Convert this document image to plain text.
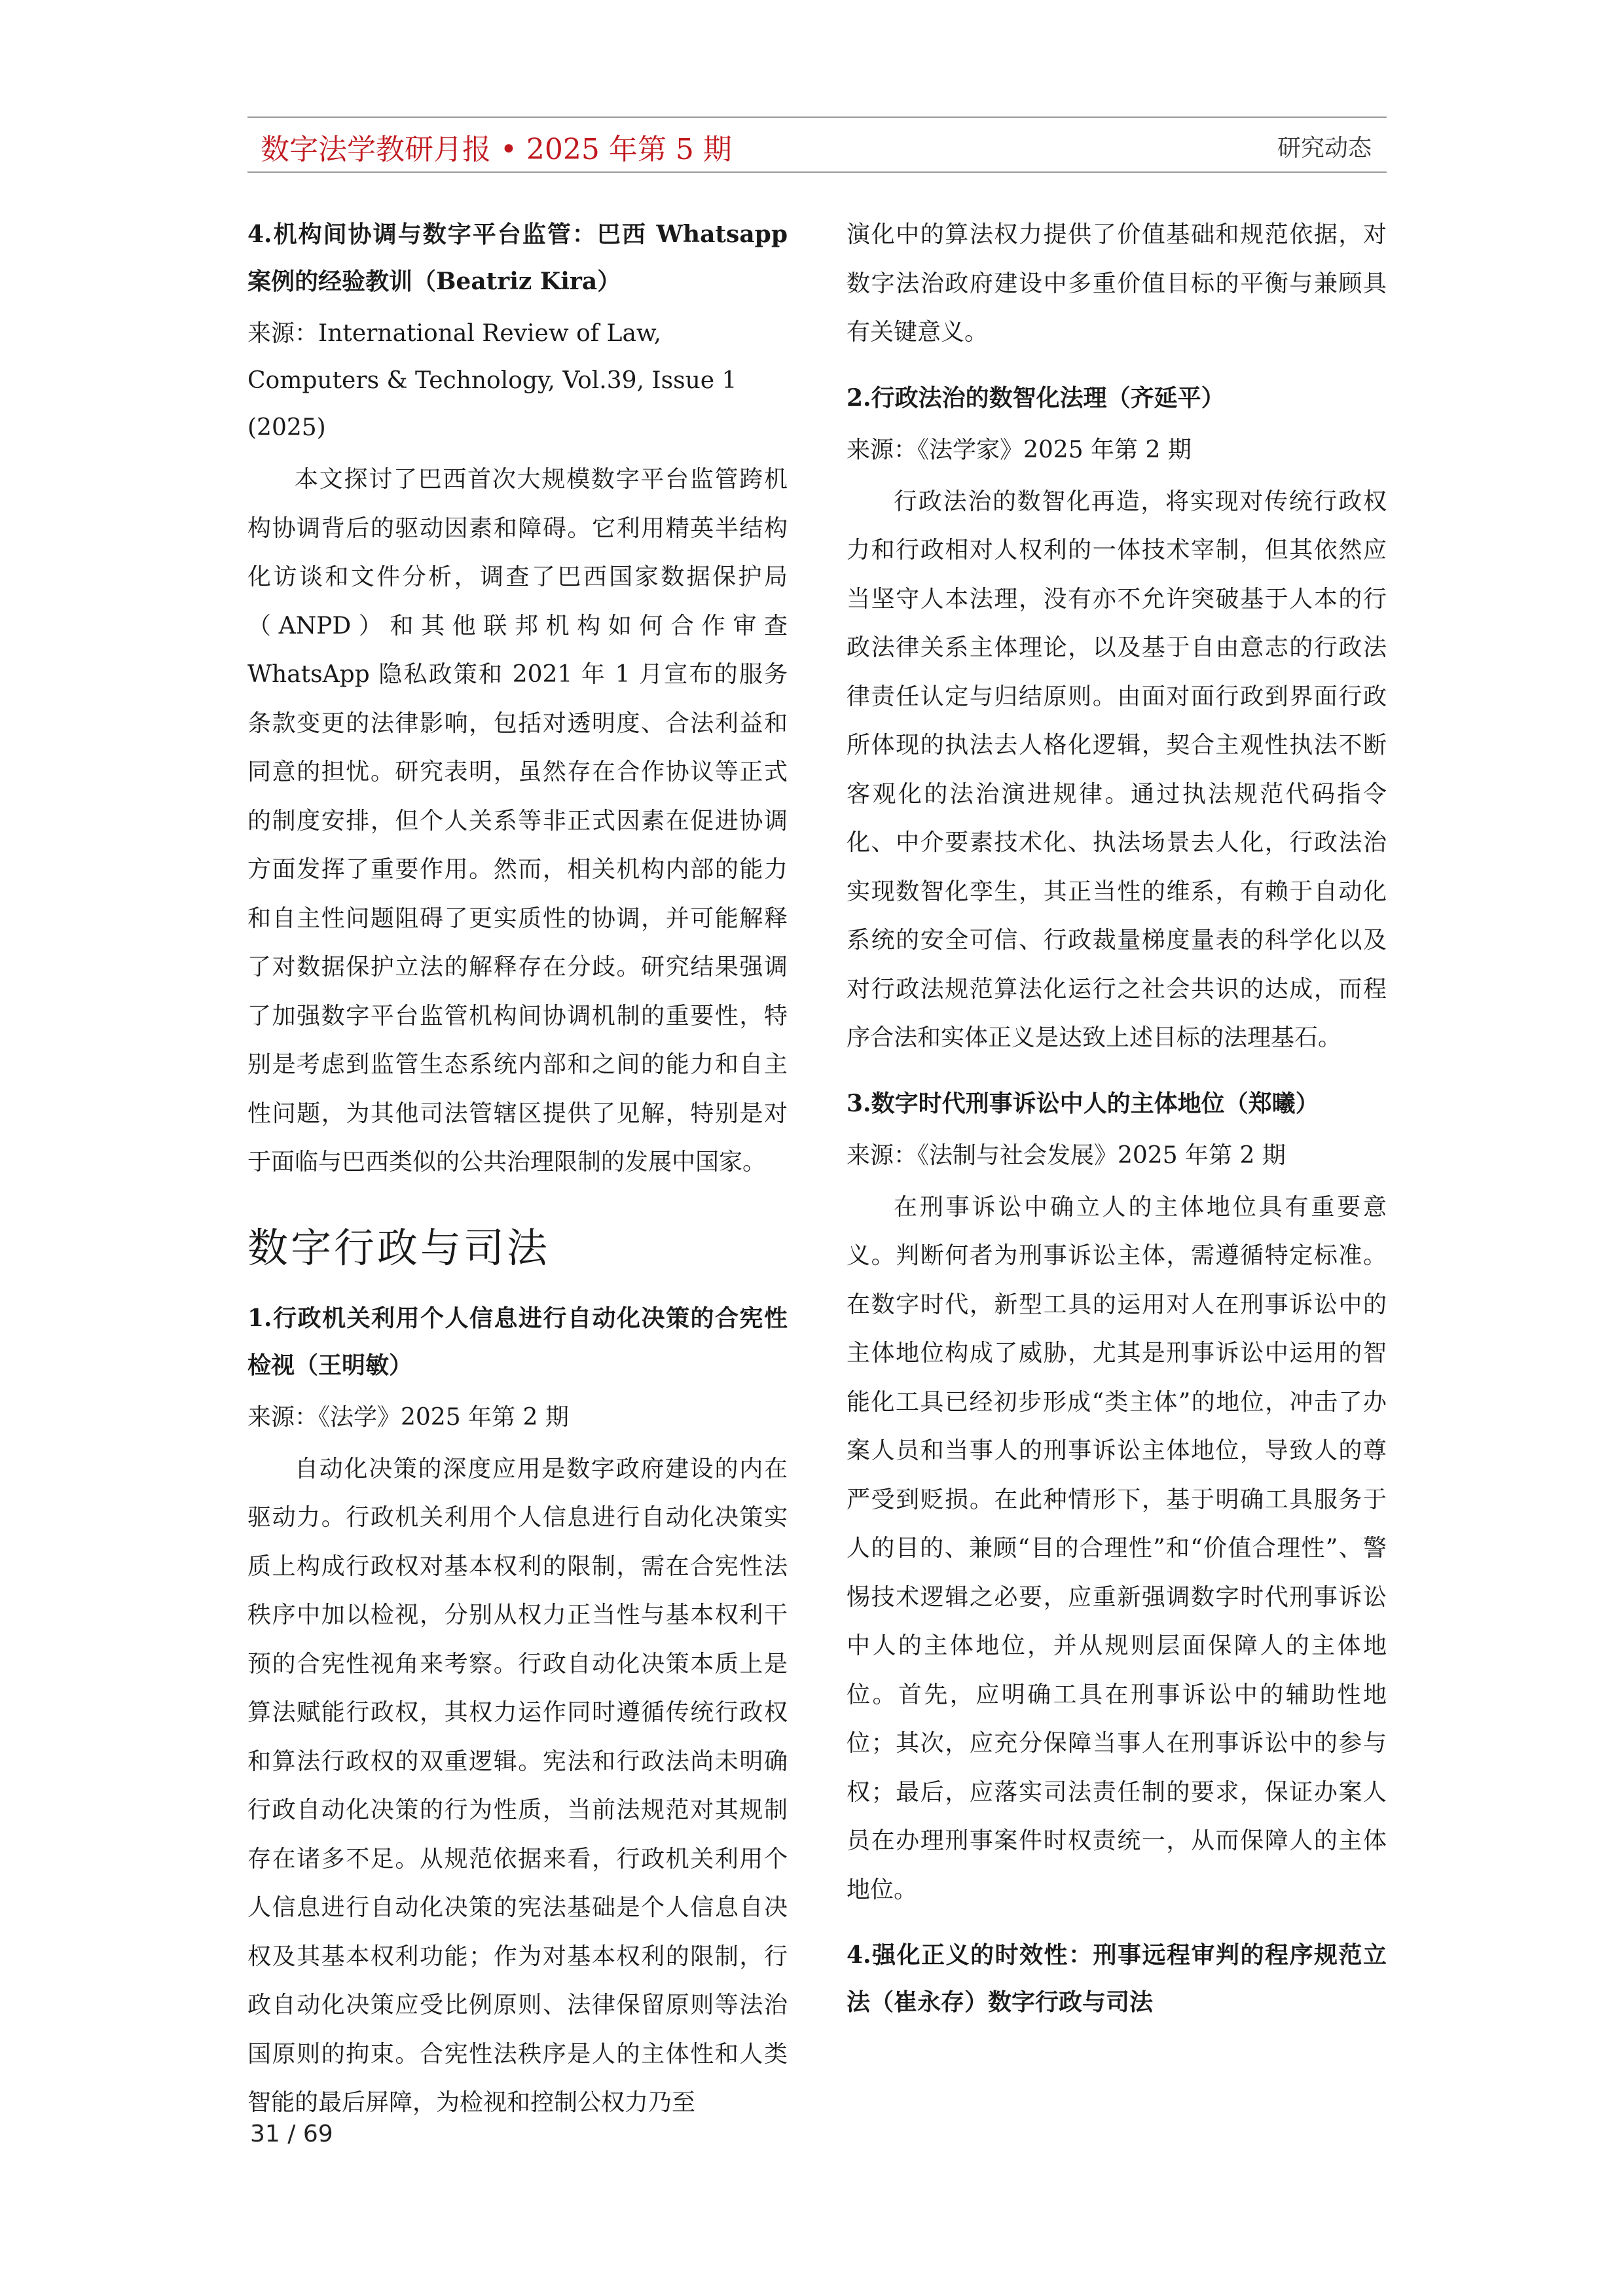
数字法学教研月报 • 2025 年第 5 期	研究动态

4.机构间协调与数字平台监管：巴西 Whatsapp 案例的经验教训（Beatriz Kira）

来源：International Review of Law, Computers & Technology, Vol.39, Issue 1 (2025)

本文探讨了巴西首次大规模数字平台监管跨机构协调背后的驱动因素和障碍。它利用精英半结构化访谈和文件分析，调查了巴西国家数据保护局（ANPD）和其他联邦机构如何合作审查 WhatsApp 隐私政策和 2021 年 1 月宣布的服务条款变更的法律影响，包括对透明度、合法利益和同意的担忧。研究表明，虽然存在合作协议等正式的制度安排，但个人关系等非正式因素在促进协调方面发挥了重要作用。然而，相关机构内部的能力和自主性问题阻碍了更实质性的协调，并可能解释了对数据保护立法的解释存在分歧。研究结果强调了加强数字平台监管机构间协调机制的重要性，特别是考虑到监管生态系统内部和之间的能力和自主性问题，为其他司法管辖区提供了见解，特别是对于面临与巴西类似的公共治理限制的发展中国家。

数字行政与司法

1.行政机关利用个人信息进行自动化决策的合宪性检视（王明敏）

来源：《法学》2025 年第 2 期

自动化决策的深度应用是数字政府建设的内在驱动力。行政机关利用个人信息进行自动化决策实质上构成行政权对基本权利的限制，需在合宪性法秩序中加以检视，分别从权力正当性与基本权利干预的合宪性视角来考察。行政自动化决策本质上是算法赋能行政权，其权力运作同时遵循传统行政权和算法行政权的双重逻辑。宪法和行政法尚未明确行政自动化决策的行为性质，当前法规范对其规制存在诸多不足。从规范依据来看，行政机关利用个人信息进行自动化决策的宪法基础是个人信息自决权及其基本权利功能；作为对基本权利的限制，行政自动化决策应受比例原则、法律保留原则等法治国原则的拘束。合宪性法秩序是人的主体性和人类智能的最后屏障，为检视和控制公权力乃至

演化中的算法权力提供了价值基础和规范依据，对数字法治政府建设中多重价值目标的平衡与兼顾具有关键意义。

2.行政法治的数智化法理（齐延平）

来源：《法学家》2025 年第 2 期

行政法治的数智化再造，将实现对传统行政权力和行政相对人权利的一体技术宰制，但其依然应当坚守人本法理，没有亦不允许突破基于人本的行政法律关系主体理论，以及基于自由意志的行政法律责任认定与归结原则。由面对面行政到界面行政所体现的执法去人格化逻辑，契合主观性执法不断客观化的法治演进规律。通过执法规范代码指令化、中介要素技术化、执法场景去人化，行政法治实现数智化孪生，其正当性的维系，有赖于自动化系统的安全可信、行政裁量梯度量表的科学化以及对行政法规范算法化运行之社会共识的达成，而程序合法和实体正义是达致上述目标的法理基石。

3.数字时代刑事诉讼中人的主体地位（郑曦）

来源：《法制与社会发展》2025 年第 2 期

在刑事诉讼中确立人的主体地位具有重要意义。判断何者为刑事诉讼主体，需遵循特定标准。在数字时代，新型工具的运用对人在刑事诉讼中的主体地位构成了威胁，尤其是刑事诉讼中运用的智能化工具已经初步形成“类主体”的地位，冲击了办案人员和当事人的刑事诉讼主体地位，导致人的尊严受到贬损。在此种情形下，基于明确工具服务于人的目的、兼顾“目的合理性”和“价值合理性”、警惕技术逻辑之必要，应重新强调数字时代刑事诉讼中人的主体地位，并从规则层面保障人的主体地位。首先，应明确工具在刑事诉讼中的辅助性地位；其次，应充分保障当事人在刑事诉讼中的参与权；最后，应落实司法责任制的要求，保证办案人员在办理刑事案件时权责统一，从而保障人的主体地位。

4.强化正义的时效性：刑事远程审判的程序规范立法（崔永存）数字行政与司法

31 / 69
